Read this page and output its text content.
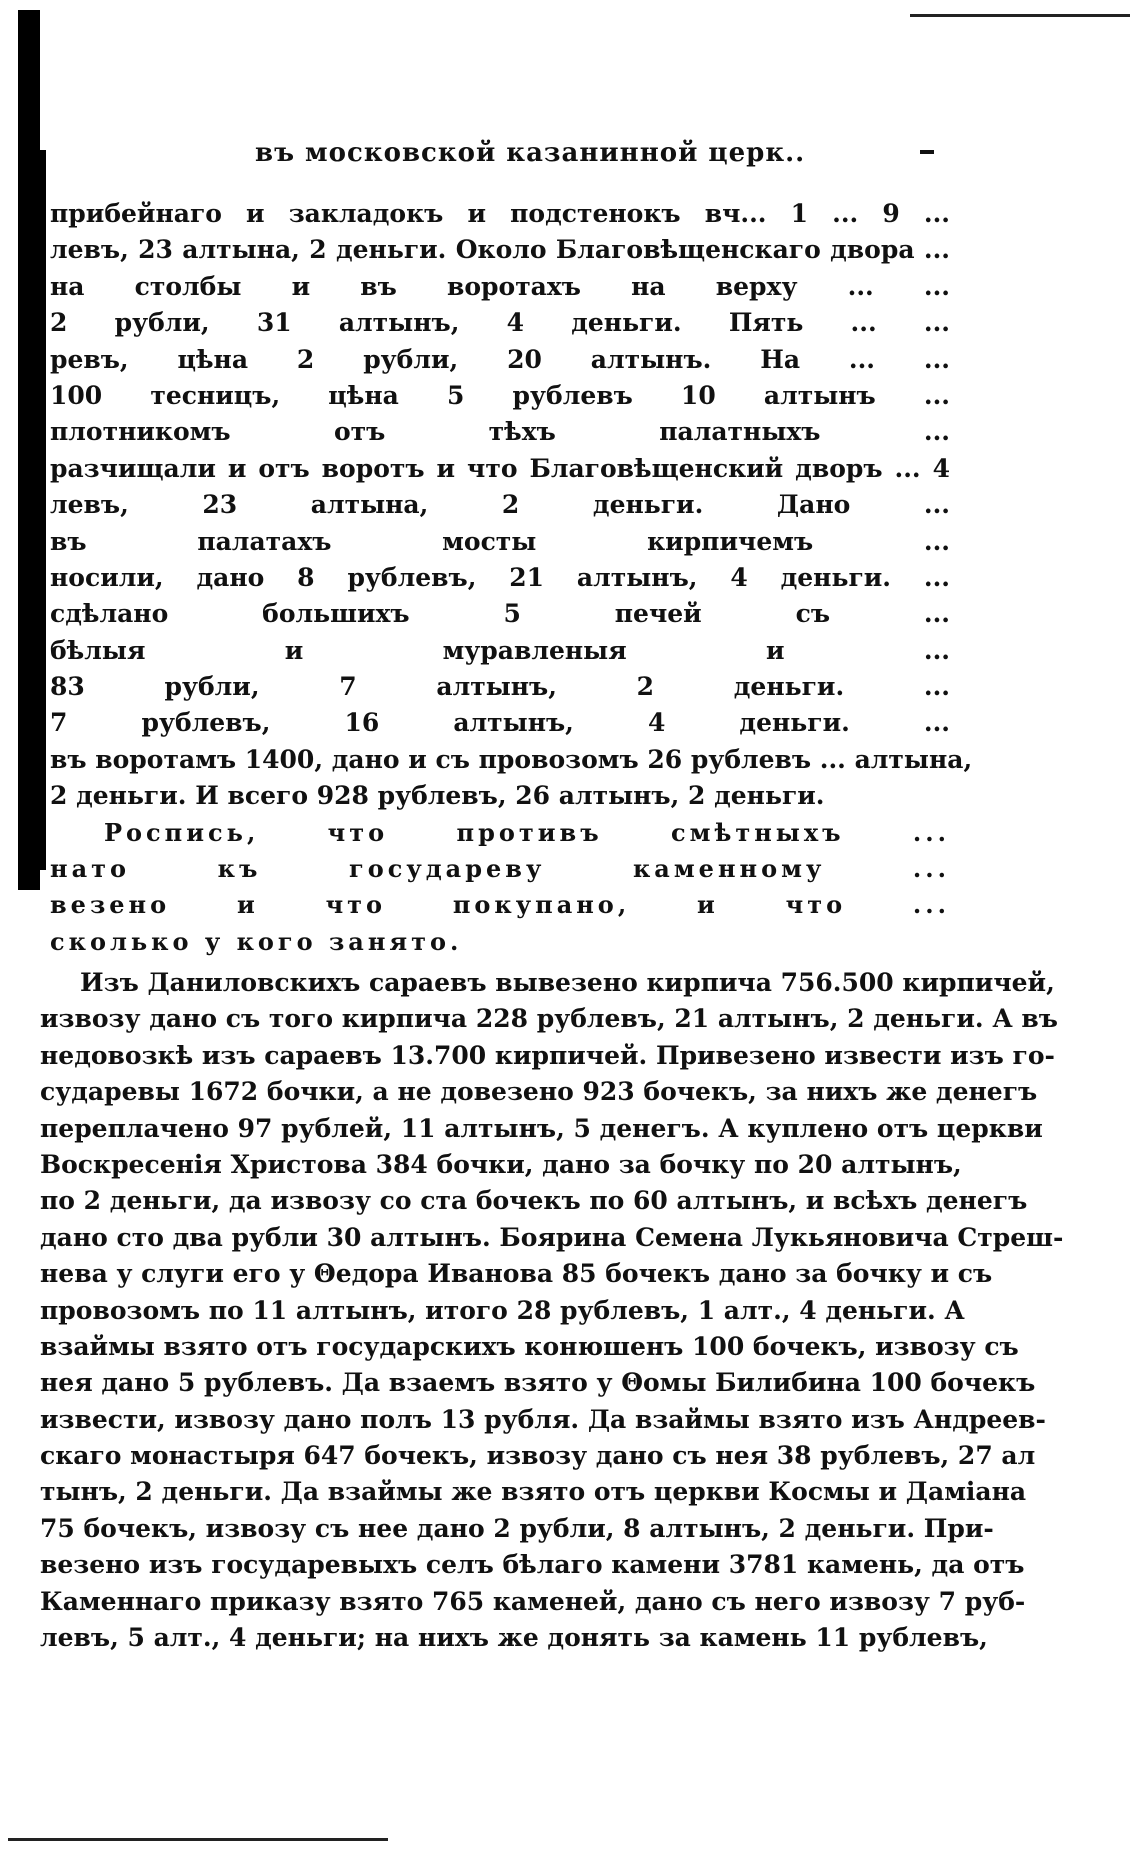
въ московской казанинной церк..
прибейнаго и закладокъ и подстенокъ вч... 1 ... 9 ...
левъ, 23 алтына, 2 деньги. Около Благовѣщенскаго двора ...
на столбы и въ воротахъ на верху ... ...
2 рубли, 31 алтынъ, 4 деньги. Пять ... ...
ревъ, цѣна 2 рубли, 20 алтынъ. На ... ...
100 тесницъ, цѣна 5 рублевъ 10 алтынъ ...
плотникомъ отъ тѣхъ палатныхъ ...
разчищали и отъ воротъ и что Благовѣщенский дворъ ... 4
левъ, 23 алтына, 2 деньги. Дано ...
въ палатахъ мосты кирпичемъ ...
носили, дано 8 рублевъ, 21 алтынъ, 4 деньги. ...
сдѣлано большихъ 5 печей съ ...
бѣлыя и муравленыя и ...
83 рубли, 7 алтынъ, 2 деньги. ...
7 рублевъ, 16 алтынъ, 4 деньги. ...
въ воротамъ 1400, дано и съ провозомъ 26 рублевъ ... алтына,
2 деньги. И всего 928 рублевъ, 26 алтынъ, 2 деньги.
Роспись, что противъ смѣтныхъ ...
нато къ государеву каменному ...
везено и что покупано, и что ...
сколько у кого занято.
Изъ Даниловскихъ сараевъ вывезено кирпича 756.500 кирпичей,
извозу дано съ того кирпича 228 рублевъ, 21 алтынъ, 2 деньги. А въ
недовозкѣ изъ сараевъ 13.700 кирпичей. Привезено извести изъ го-
сударевы 1672 бочки, а не довезено 923 бочекъ, за нихъ же денегъ
переплачено 97 рублей, 11 алтынъ, 5 денегъ. А куплено отъ церкви
Воскресенія Христова 384 бочки, дано за бочку по 20 алтынъ,
по 2 деньги, да извозу со ста бочекъ по 60 алтынъ, и всѣхъ денегъ
дано сто два рубли 30 алтынъ. Боярина Семена Лукьяновича Стреш-
нева у слуги его у Θедора Иванова 85 бочекъ дано за бочку и съ
провозомъ по 11 алтынъ, итого 28 рублевъ, 1 алт., 4 деньги. А
взаймы взято отъ государскихъ конюшенъ 100 бочекъ, извозу съ
нея дано 5 рублевъ. Да взаемъ взято у Θомы Билибина 100 бочекъ
извести, извозу дано полъ 13 рубля. Да взаймы взято изъ Андреев-
скаго монастыря 647 бочекъ, извозу дано съ нея 38 рублевъ, 27 ал
тынъ, 2 деньги. Да взаймы же взято отъ церкви Космы и Даміана
75 бочекъ, извозу съ нее дано 2 рубли, 8 алтынъ, 2 деньги. При-
везено изъ государевыхъ селъ бѣлаго камени 3781 камень, да отъ
Каменнаго приказу взято 765 каменей, дано съ него извозу 7 руб-
левъ, 5 алт., 4 деньги; на нихъ же донять за камень 11 рублевъ,
